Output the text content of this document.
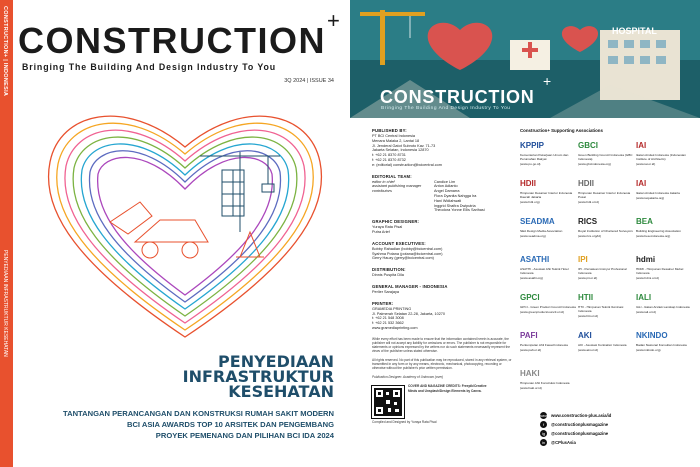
CONSTRUCTION+ | INDONESIA
PENYEDIAAN INFRASTRUKTUR KESEHATAN
CONSTRUCTION +
Bringing The Building And Design Industry To You
3Q 2024 | ISSUE 34
PENYEDIAAN
INFRASTRUKTUR
KESEHATAN
TANTANGAN PERANCANGAN DAN KONSTRUKSI RUMAH SAKIT MODERN
BCI ASIA AWARDS TOP 10 ARSITEK DAN PENGEMBANG
PROYEK PEMENANG DAN PILIHAN BCI IDA 2024
HOSPITAL
CONSTRUCTION
+
Bringing The Building And Design Industry To You
PUBLISHED BY:
PT BCI Central Indonesia
Menara Malaka 2, Lantai 18
Jl. Jenderal Gatot Subroto Kav. 71-73
Jakarta Selatan, Indonesia 12870
t: +62 21 8370 8731
f: +62 21 8370 8732
e: (editorial) construction@bcicentral.com
EDITORIAL TEAM:
editor in chief
assistant publishing manager
contributors
Candice Lim
Anton Adianto
Angel Damarra
Flora Dyanita Nahgga Ira
Hani Widiahwati
Inggrid Shafira Dwiputria
Theodora Yonne Ellis Sarihasi
GRAPHIC DESIGNER:
Yuraya Rata Pisal
Putra Arief
ACCOUNT EXECUTIVES:
Bobby Rahadian (bobby@bcicentral.com)
Syahma Potana (potana@bcicentral.com)
Gerry Hauzy (gerry@bcicentral.com)
DISTRIBUTION:
Dinnis Puspita Dila
GENERAL MANAGER - INDONESIA
Perlier Sarajaya
PRINTER:
GRAMEDIA PRINTING
Jl. Palmerah Selatan 22-28, Jakarta, 10270
t: +62 21 548 3008
f: +62 21 532 3662
www.gramediaprinting.com
While every effort has been made to ensure that the information contained herein is accurate, the publisher will not accept any liability for omissions or errors. The publisher is not responsible for statements or opinions expressed by the writers nor do such statements necessarily represent the views of the publisher unless stated otherwise.
All rights reserved. No part of this publication may be reproduced, stored in any retrieval system, or transmitted in any form or by any means, electronic, mechanical, photocopying, recording or otherwise without the publisher's prior written permission.
Publication Designer: Academy of Unknown (over)
COVER AND MAGAZINE CREDITS: Freepik/Creative Minds and Unsplash/Design Elements by Canva.
Compiled and Designed by Yuraya Rata Pisal
Construction+ Supporting Associations
KPPIP
Kementerian Pekerjaan Umum dan Perumahan Rakyat
(www.pu.go.id)
GBCI
Green Building Council Indonesia (GBC Indonesia)
(www.gbcindonesia.org)
IAI
Ikatan Arsitek Indonesia (Indonesian Institute of Architects)
(www.iai.or.id)
HDII
Himpunan Desainer Interior Indonesia Daerah Jakarta
(www.hdii.org)
HDII
Himpunan Desainer Interior Indonesia Pusat
(www.hdii.or.id)
IAI
Ikatan Arsitek Indonesia Jakarta
(www.iai-jakarta.org)
SEADMA
SEA Design Media Association
(www.seadma.org)
RICS
Royal Institution of Chartered Surveyors
(www.rics.org/id)
BEA
Building Engineering Association
(www.bea-indonesia.org)
ASATHI
ASATHI - Asosiasi Ahli Teknik Hotel Indonesia
(www.asathi.org)
IPI
IPI - Persatuan Insinyur Profesional Indonesia
(www.pii.or.id)
hdmi
HDMI - Himpunan Desainer Mebel Indonesia
(www.hdmi.or.id)
GPCI
GPCI - Green Product Council Indonesia
(www.greenproductcouncil.or.id)
HTII
HTII - Himpunan Teknik Iluminasi Indonesia
(www.htii.or.id)
IALI
IALI - Ikatan Arsitek Lanskap Indonesia
(www.iali.or.id)
PAFI
Perkumpulan Ahli Fasad Indonesia
(www.pafi.or.id)
AKI
AKI - Asosiasi Kontraktor Indonesia
(www.aki.or.id)
NKINDO
Badan Nasional Konsultan Indonesia
(www.inkindo.org)
HAKI
Himpunan Ahli Konstruksi Indonesia
(www.haki.or.id)
www www.construction-plus.asia/id
f	@constructionplusmagazine
ig	@constructionplusmagazine
in	@CPlusAsia
